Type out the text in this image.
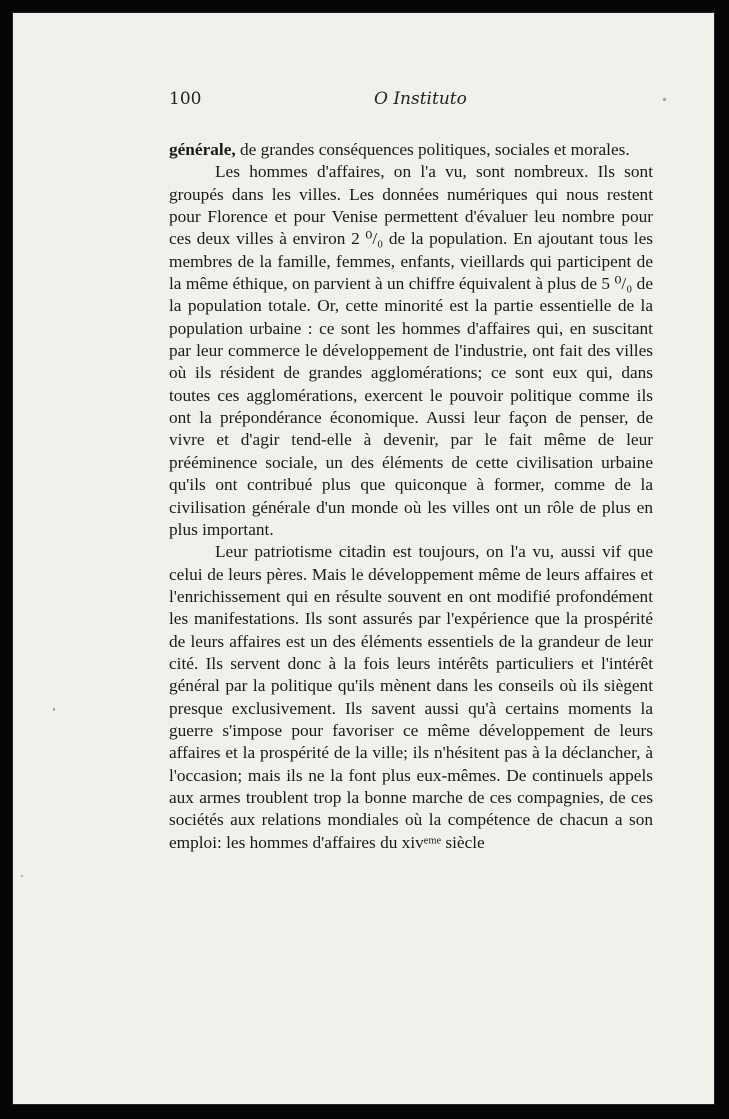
100	O Instituto

générale, de grandes conséquences politiques, sociales et morales.

Les hommes d'affaires, on l'a vu, sont nombreux. Ils sont groupés dans les villes. Les données numériques qui nous restent pour Florence et pour Venise permettent d'évaluer leu nombre pour ces deux villes à environ 2 ⁰/₀ de la population. En ajoutant tous les membres de la famille, femmes, enfants, vieillards qui participent de la même éthique, on parvient à un chiffre équivalent à plus de 5 ⁰/₀ de la population totale. Or, cette minorité est la partie essentielle de la population urbaine : ce sont les hommes d'affaires qui, en suscitant par leur commerce le développement de l'industrie, ont fait des villes où ils résident de grandes agglomérations; ce sont eux qui, dans toutes ces agglomérations, exercent le pouvoir politique comme ils ont la prépondérance économique. Aussi leur façon de penser, de vivre et d'agir tend-elle à devenir, par le fait même de leur prééminence sociale, un des éléments de cette civilisation urbaine qu'ils ont contribué plus que quiconque à former, comme de la civilisation générale d'un monde où les villes ont un rôle de plus en plus important.

Leur patriotisme citadin est toujours, on l'a vu, aussi vif que celui de leurs pères. Mais le développement même de leurs affaires et l'enrichissement qui en résulte souvent en ont modifié profondément les manifestations. Ils sont assurés par l'expérience que la prospérité de leurs affaires est un des éléments essentiels de la grandeur de leur cité. Ils servent donc à la fois leurs intérêts particuliers et l'intérêt général par la politique qu'ils mènent dans les conseils où ils siègent presque exclusivement. Ils savent aussi qu'à certains moments la guerre s'impose pour favoriser ce même développement de leurs affaires et la prospérité de la ville; ils n'hésitent pas à la déclancher, à l'occasion; mais ils ne la font plus eux-mêmes. De continuels appels aux armes troublent trop la bonne marche de ces compagnies, de ces sociétés aux relations mondiales où la compétence de chacun a son emploi: les hommes d'affaires du xivᵉᵐᵉ siècle
